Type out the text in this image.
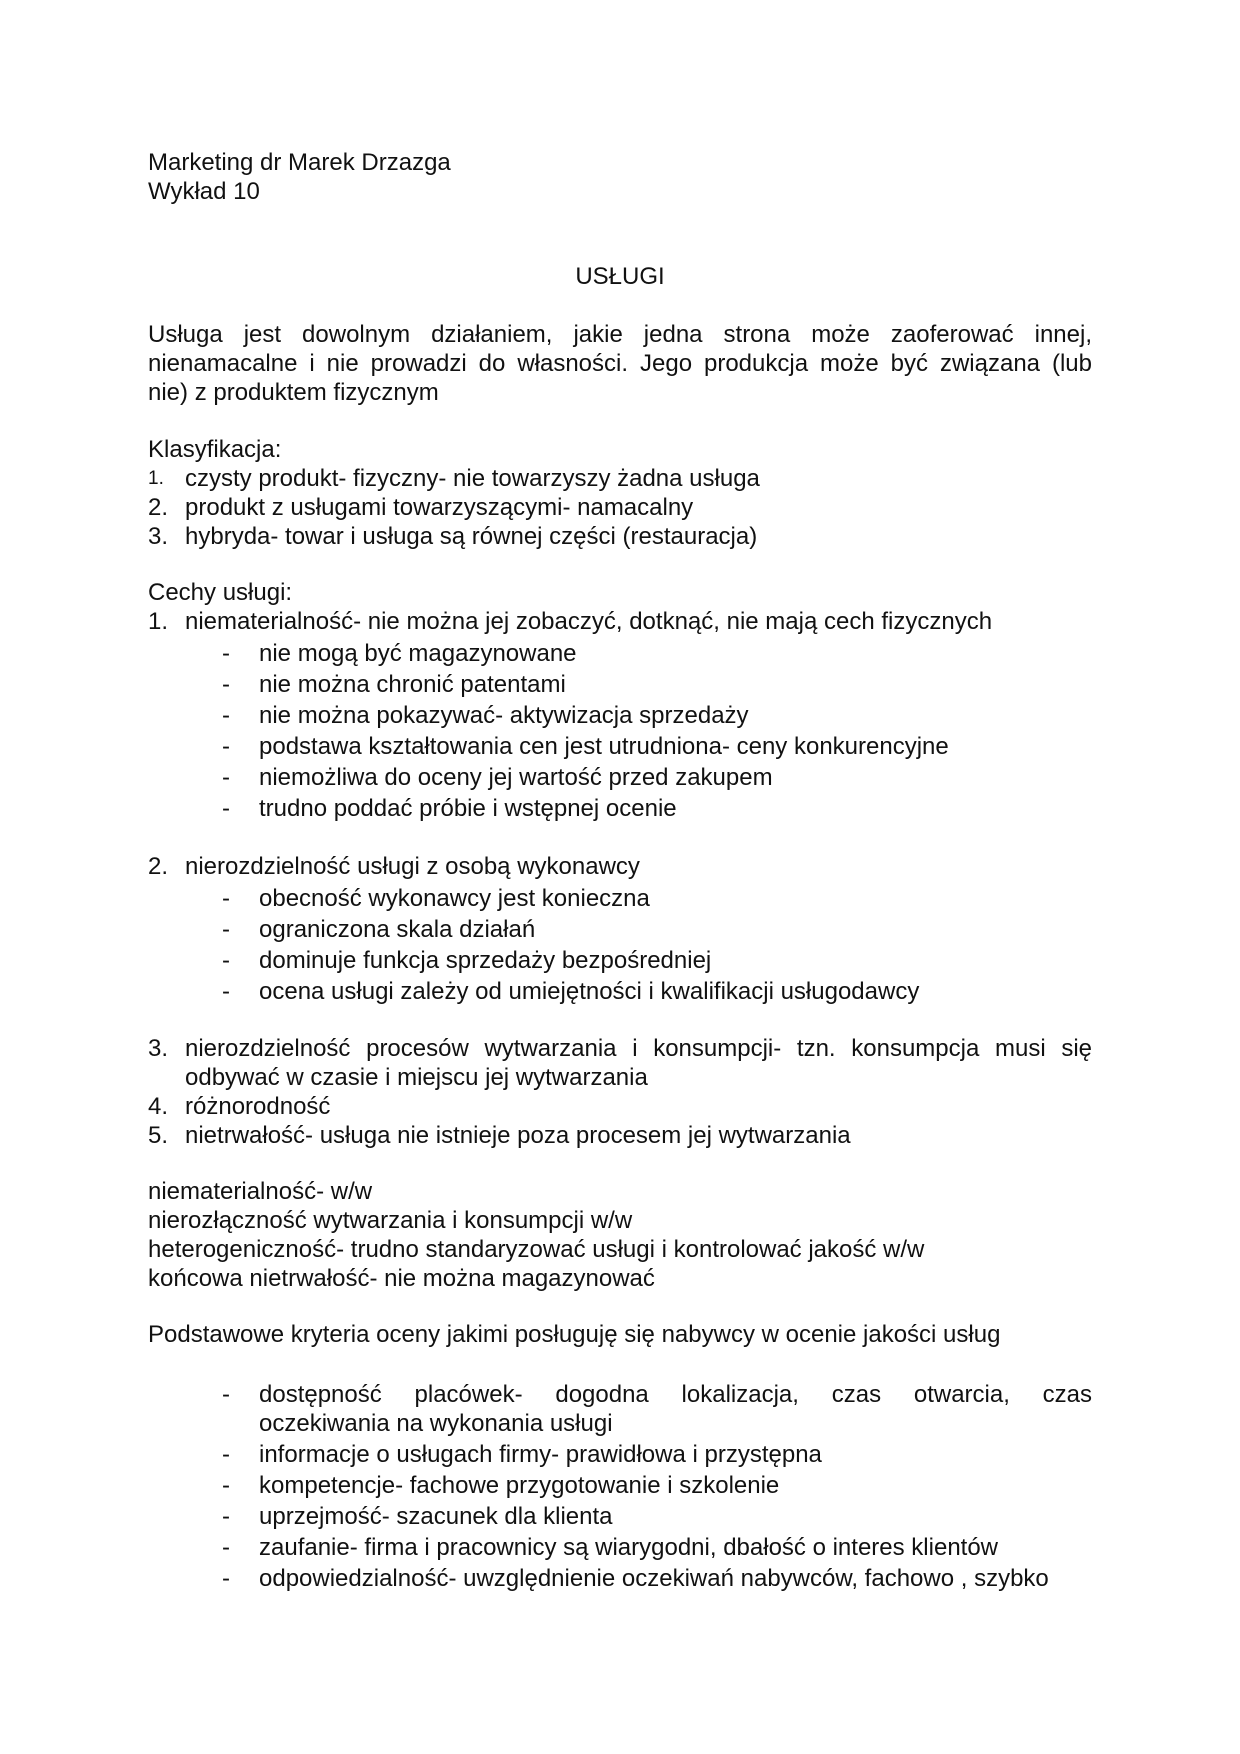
Marketing dr Marek Drzazga
Wykład 10
USŁUGI
Usługa jest dowolnym działaniem, jakie jedna strona może zaoferować innej,
nienamacalne i nie prowadzi do własności. Jego produkcja może być związana (lub
nie) z produktem fizycznym
Klasyfikacja:
1. czysty produkt- fizyczny- nie towarzyszy żadna usługa
2. produkt z usługami towarzyszącymi- namacalny
3. hybryda- towar i usługa są równej części (restauracja)
Cechy usługi:
1. niematerialność- nie można jej zobaczyć, dotknąć, nie mają cech fizycznych
- nie mogą być magazynowane
- nie można chronić patentami
- nie można pokazywać- aktywizacja sprzedaży
- podstawa kształtowania cen jest utrudniona- ceny konkurencyjne
- niemożliwa do oceny jej wartość przed zakupem
- trudno poddać próbie i wstępnej ocenie
2. nierozdzielność usługi z osobą wykonawcy
- obecność wykonawcy jest konieczna
- ograniczona skala działań
- dominuje funkcja sprzedaży bezpośredniej
- ocena usługi zależy od umiejętności i kwalifikacji usługodawcy
3. nierozdzielność procesów wytwarzania i konsumpcji- tzn. konsumpcja musi się
odbywać w czasie i miejscu jej wytwarzania
4. różnorodność
5. nietrwałość- usługa nie istnieje poza procesem jej wytwarzania
niematerialność- w/w
nierozłączność wytwarzania i konsumpcji w/w
heterogeniczność- trudno standaryzować usługi i kontrolować jakość w/w
końcowa nietrwałość- nie można magazynować
Podstawowe kryteria oceny jakimi posługuję się nabywcy w ocenie jakości usług
- dostępność placówek- dogodna lokalizacja, czas otwarcia, czas
oczekiwania na wykonania usługi
- informacje o usługach firmy- prawidłowa i przystępna
- kompetencje- fachowe przygotowanie i szkolenie
- uprzejmość- szacunek dla klienta
- zaufanie- firma i pracownicy są wiarygodni, dbałość o interes klientów
- odpowiedzialność- uwzględnienie oczekiwań nabywców, fachowo , szybko
